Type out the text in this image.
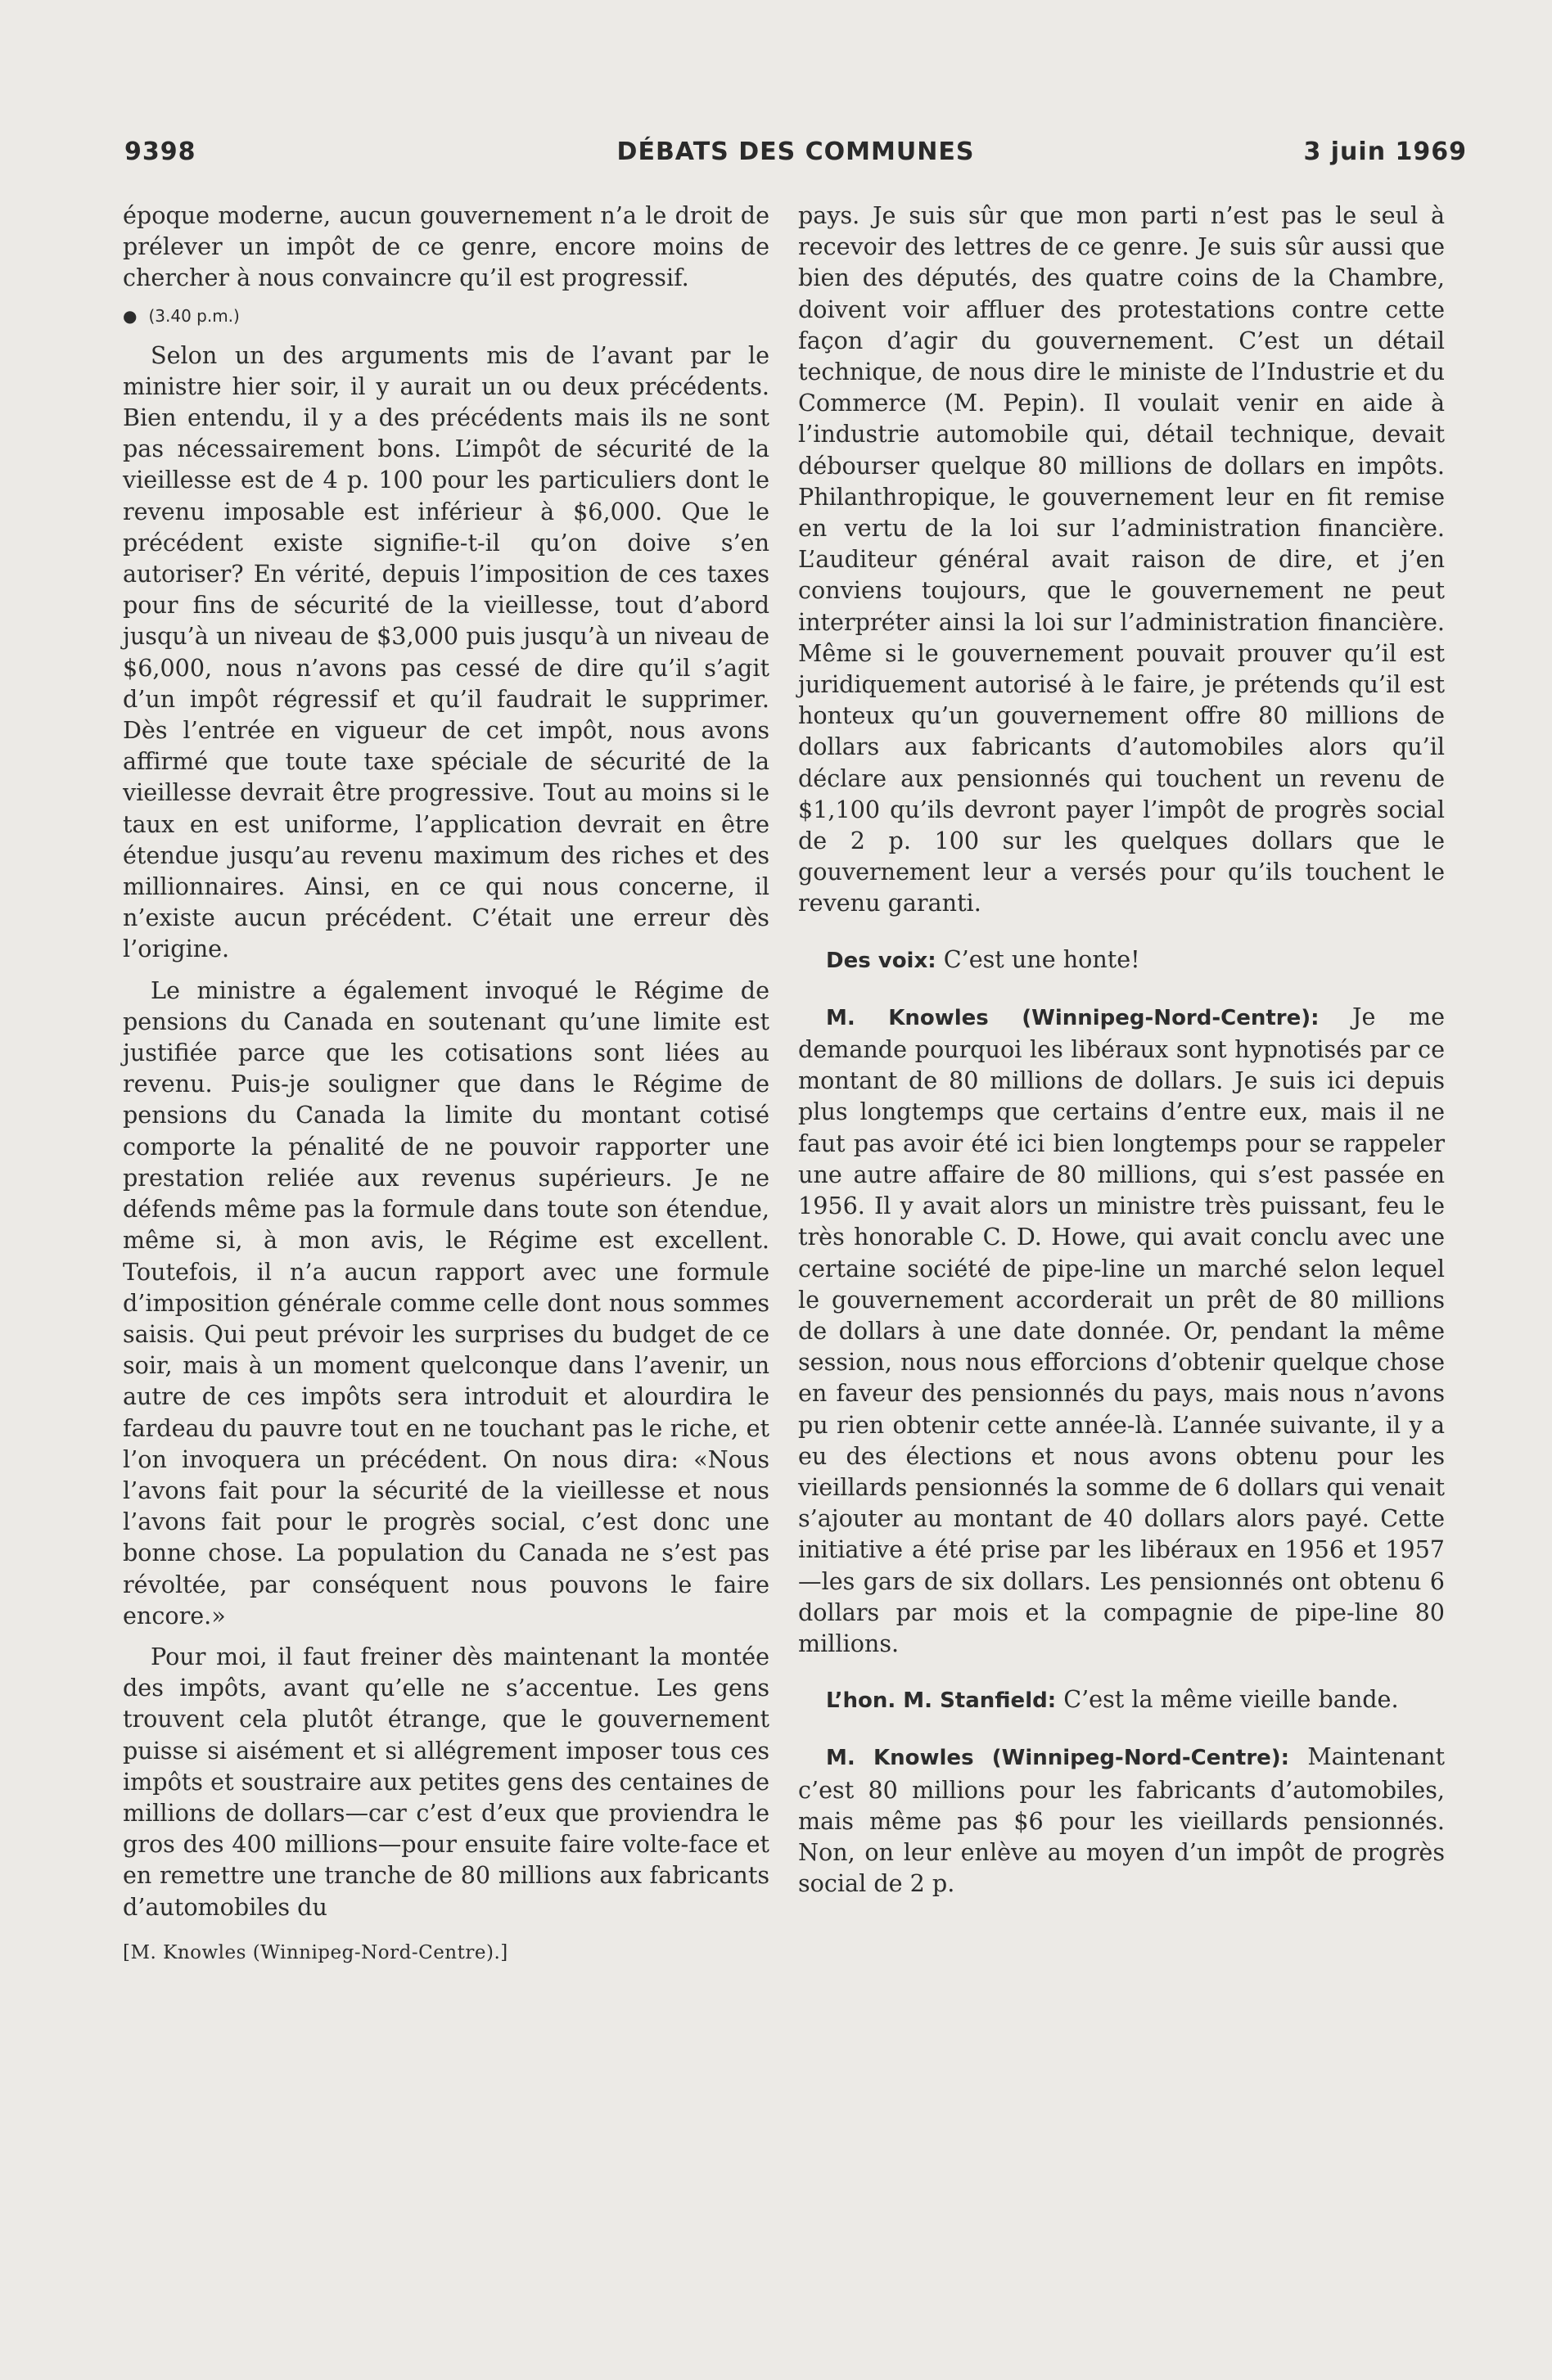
9398	DÉBATS DES COMMUNES	3 juin 1969

époque moderne, aucun gouvernement n’a le droit de prélever un impôt de ce genre, encore moins de chercher à nous convaincre qu’il est progressif.

● (3.40 p.m.)

Selon un des arguments mis de l’avant par le ministre hier soir, il y aurait un ou deux précédents. Bien entendu, il y a des précédents mais ils ne sont pas nécessairement bons. L’impôt de sécurité de la vieillesse est de 4 p. 100 pour les particuliers dont le revenu imposable est inférieur à $6,000. Que le précédent existe signifie-t-il qu’on doive s’en autoriser? En vérité, depuis l’imposition de ces taxes pour fins de sécurité de la vieillesse, tout d’abord jusqu’à un niveau de $3,000 puis jusqu’à un niveau de $6,000, nous n’avons pas cessé de dire qu’il s’agit d’un impôt régressif et qu’il faudrait le supprimer. Dès l’entrée en vigueur de cet impôt, nous avons affirmé que toute taxe spéciale de sécurité de la vieillesse devrait être progressive. Tout au moins si le taux en est uniforme, l’application devrait en être étendue jusqu’au revenu maximum des riches et des millionnaires. Ainsi, en ce qui nous concerne, il n’existe aucun précédent. C’était une erreur dès l’origine.

Le ministre a également invoqué le Régime de pensions du Canada en soutenant qu’une limite est justifiée parce que les cotisations sont liées au revenu. Puis-je souligner que dans le Régime de pensions du Canada la limite du montant cotisé comporte la pénalité de ne pouvoir rapporter une prestation reliée aux revenus supérieurs. Je ne défends même pas la formule dans toute son étendue, même si, à mon avis, le Régime est excellent. Toutefois, il n’a aucun rapport avec une formule d’imposition générale comme celle dont nous sommes saisis. Qui peut prévoir les surprises du budget de ce soir, mais à un moment quelconque dans l’avenir, un autre de ces impôts sera introduit et alourdira le fardeau du pauvre tout en ne touchant pas le riche, et l’on invoquera un précédent. On nous dira: «Nous l’avons fait pour la sécurité de la vieillesse et nous l’avons fait pour le progrès social, c’est donc une bonne chose. La population du Canada ne s’est pas révoltée, par conséquent nous pouvons le faire encore.»

Pour moi, il faut freiner dès maintenant la montée des impôts, avant qu’elle ne s’accentue. Les gens trouvent cela plutôt étrange, que le gouvernement puisse si aisément et si allégrement imposer tous ces impôts et soustraire aux petites gens des centaines de millions de dollars—car c’est d’eux que proviendra le gros des 400 millions—pour ensuite faire volte-face et en remettre une tranche de 80 millions aux fabricants d’automobiles du

[M. Knowles (Winnipeg-Nord-Centre).]

pays. Je suis sûr que mon parti n’est pas le seul à recevoir des lettres de ce genre. Je suis sûr aussi que bien des députés, des quatre coins de la Chambre, doivent voir affluer des protestations contre cette façon d’agir du gouvernement. C’est un détail technique, de nous dire le ministe de l’Industrie et du Commerce (M. Pepin). Il voulait venir en aide à l’industrie automobile qui, détail technique, devait débourser quelque 80 millions de dollars en impôts. Philanthropique, le gouvernement leur en fit remise en vertu de la loi sur l’administration financière. L’auditeur général avait raison de dire, et j’en conviens toujours, que le gouvernement ne peut interpréter ainsi la loi sur l’administration financière. Même si le gouvernement pouvait prouver qu’il est juridiquement autorisé à le faire, je prétends qu’il est honteux qu’un gouvernement offre 80 millions de dollars aux fabricants d’automobiles alors qu’il déclare aux pensionnés qui touchent un revenu de $1,100 qu’ils devront payer l’impôt de progrès social de 2 p. 100 sur les quelques dollars que le gouvernement leur a versés pour qu’ils touchent le revenu garanti.

Des voix: C’est une honte!

M. Knowles (Winnipeg-Nord-Centre): Je me demande pourquoi les libéraux sont hypnotisés par ce montant de 80 millions de dollars. Je suis ici depuis plus longtemps que certains d’entre eux, mais il ne faut pas avoir été ici bien longtemps pour se rappeler une autre affaire de 80 millions, qui s’est passée en 1956. Il y avait alors un ministre très puissant, feu le très honorable C. D. Howe, qui avait conclu avec une certaine société de pipe-line un marché selon lequel le gouvernement accorderait un prêt de 80 millions de dollars à une date donnée. Or, pendant la même session, nous nous efforcions d’obtenir quelque chose en faveur des pensionnés du pays, mais nous n’avons pu rien obtenir cette année-là. L’année suivante, il y a eu des élections et nous avons obtenu pour les vieillards pensionnés la somme de 6 dollars qui venait s’ajouter au montant de 40 dollars alors payé. Cette initiative a été prise par les libéraux en 1956 et 1957—les gars de six dollars. Les pensionnés ont obtenu 6 dollars par mois et la compagnie de pipe-line 80 millions.

L’hon. M. Stanfield: C’est la même vieille bande.

M. Knowles (Winnipeg-Nord-Centre): Maintenant c’est 80 millions pour les fabricants d’automobiles, mais même pas $6 pour les vieillards pensionnés. Non, on leur enlève au moyen d’un impôt de progrès social de 2 p.
